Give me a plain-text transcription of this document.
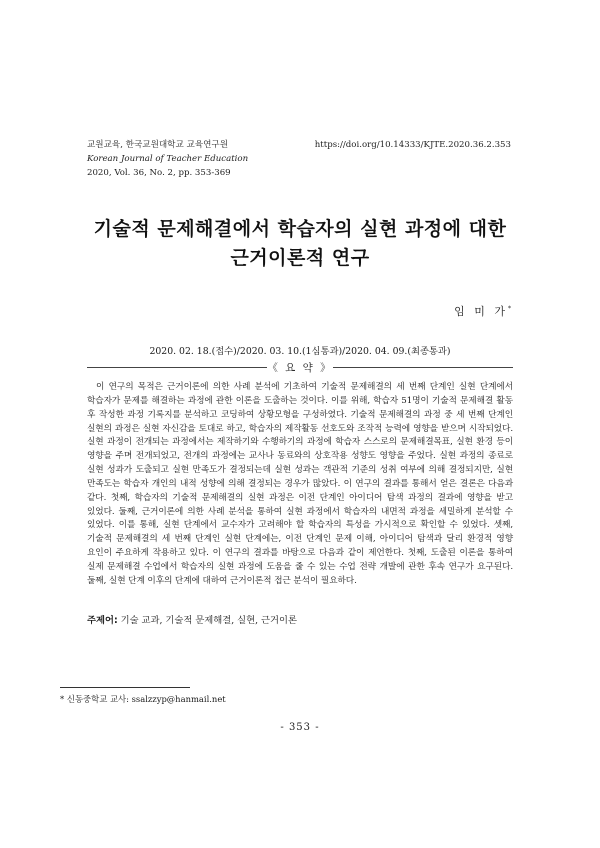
교원교육, 한국교원대학교 교육연구원
Korean Journal of Teacher Education
2020, Vol. 36, No. 2, pp. 353-369
https://doi.org/10.14333/KJTE.2020.36.2.353
기술적 문제해결에서 학습자의 실현 과정에 대한
근거이론적 연구
임 미 가*
2020. 02. 18.(접수)/2020. 03. 10.(1심통과)/2020. 04. 09.(최종통과)
《 요 약 》
이 연구의 목적은 근거이론에 의한 사례 분석에 기초하여 기술적 문제해결의 세 번째 단계인 실현 단계에서 학습자가 문제를 해결하는 과정에 관한 이론을 도출하는 것이다. 이를 위해, 학습자 51명이 기술적 문제해결 활동 후 작성한 과정 기록지를 분석하고 코딩하여 상황모형을 구성하였다. 기술적 문제해결의 과정 중 세 번째 단계인 실현의 과정은 실현 자신감을 토대로 하고, 학습자의 제작활동 선호도와 조작적 능력에 영향을 받으며 시작되었다. 실현 과정이 전개되는 과정에서는 제작하기와 수행하기의 과정에 학습자 스스로의 문제해결목표, 실현 환경 등이 영향을 주며 전개되었고, 전개의 과정에는 교사나 동료와의 상호작용 성향도 영향을 주었다. 실현 과정의 종료로 실현 성과가 도출되고 실현 만족도가 결정되는데 실현 성과는 객관적 기준의 성취 여부에 의해 결정되지만, 실현 만족도는 학습자 개인의 내적 성향에 의해 결정되는 경우가 많았다. 이 연구의 결과를 통해서 얻은 결론은 다음과 같다. 첫째, 학습자의 기술적 문제해결의 실현 과정은 이전 단계인 아이디어 탐색 과정의 결과에 영향을 받고 있었다. 둘째, 근거이론에 의한 사례 분석을 통하여 실현 과정에서 학습자의 내면적 과정을 세밀하게 분석할 수 있었다. 이를 통해, 실현 단계에서 교수자가 고려해야 할 학습자의 특성을 가시적으로 확인할 수 있었다. 셋째, 기술적 문제해결의 세 번째 단계인 실현 단계에는, 이전 단계인 문제 이해, 아이디어 탐색과 달리 환경적 영향 요인이 주요하게 작용하고 있다. 이 연구의 결과를 바탕으로 다음과 같이 제언한다. 첫째, 도출된 이론을 통하여 실제 문제해결 수업에서 학습자의 실현 과정에 도움을 줄 수 있는 수업 전략 개발에 관한 후속 연구가 요구된다. 둘째, 실현 단계 이후의 단계에 대하여 근거이론적 접근 분석이 필요하다.
주제어: 기술 교과, 기술적 문제해결, 실현, 근거이론
* 신동중학교 교사: ssalzzyp@hanmail.net
- 353 -
